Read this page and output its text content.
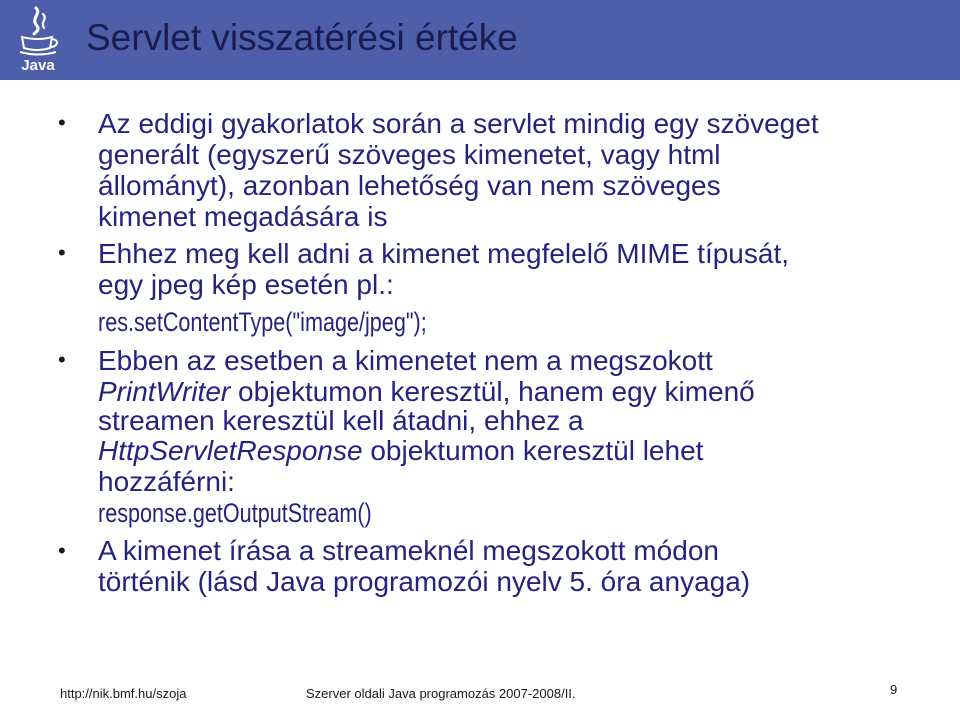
Java
Servlet visszatérési értéke
• Az eddigi gyakorlatok során a servlet mindig egy szöveget
generált (egyszerű szöveges kimenetet, vagy html
állományt), azonban lehetőség van nem szöveges
kimenet megadására is
• Ehhez meg kell adni a kimenet megfelelő MIME típusát,
egy jpeg kép esetén pl.:
res.setContentType("image/jpeg");
• Ebben az esetben a kimenetet nem a megszokott
PrintWriter objektumon keresztül, hanem egy kimenő
streamen keresztül kell átadni, ehhez a
HttpServletResponse objektumon keresztül lehet
hozzáférni:
response.getOutputStream()
• A kimenet írása a streameknél megszokott módon
történik (lásd Java programozói nyelv 5. óra anyaga)
http://nik.bmf.hu/szoja	Szerver oldali Java programozás 2007-2008/II.	9
